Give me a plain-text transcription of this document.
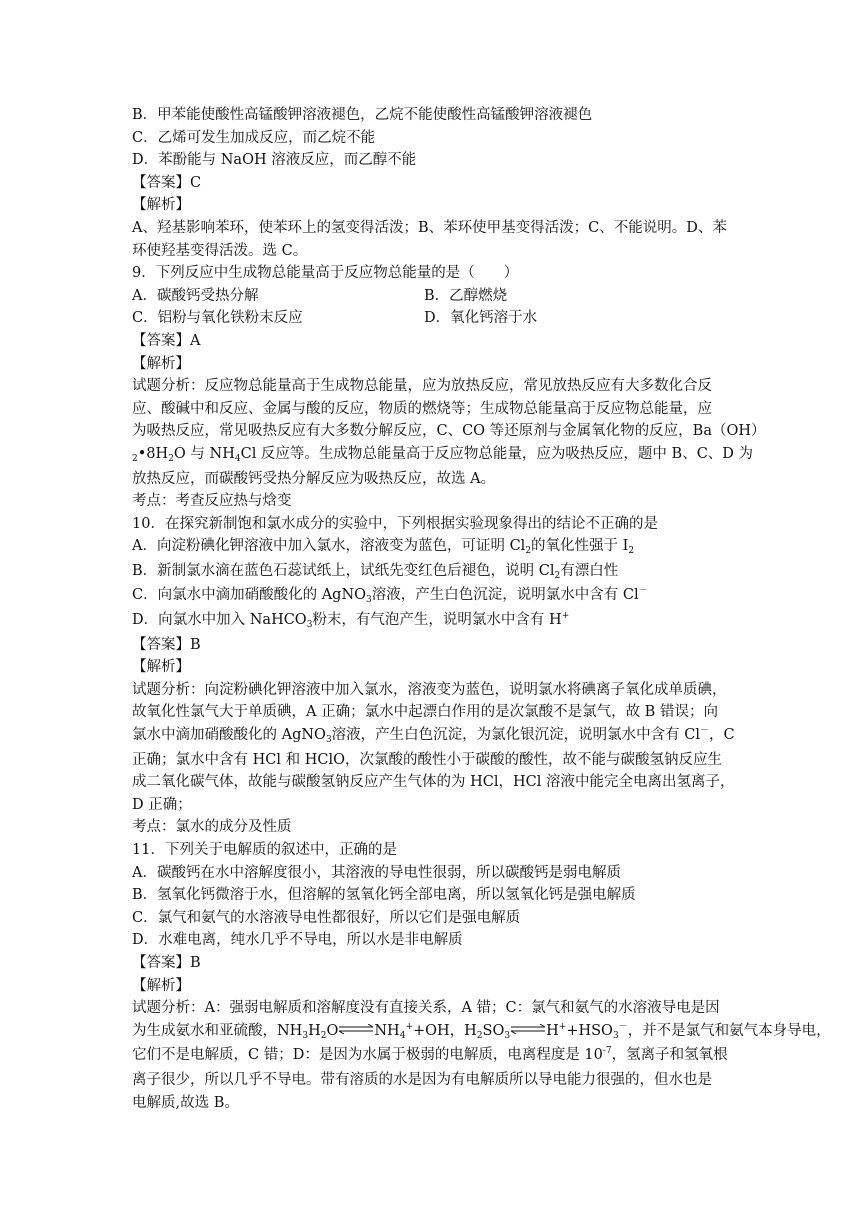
B．甲苯能使酸性高锰酸钾溶液褪色，乙烷不能使酸性高锰酸钾溶液褪色
C．乙烯可发生加成反应，而乙烷不能
D．苯酚能与 NaOH 溶液反应，而乙醇不能
【答案】C
【解析】
A、羟基影响苯环，使苯环上的氢变得活泼；B、苯环使甲基变得活泼；C、不能说明。D、苯
环使羟基变得活泼。选 C。
9．下列反应中生成物总能量高于反应物总能量的是（　　）
A．碳酸钙受热分解	B．乙醇燃烧
C．铝粉与氧化铁粉末反应	D．氧化钙溶于水
【答案】A
【解析】
试题分析：反应物总能量高于生成物总能量，应为放热反应，常见放热反应有大多数化合反
应、酸碱中和反应、金属与酸的反应，物质的燃烧等；生成物总能量高于反应物总能量，应
为吸热反应，常见吸热反应有大多数分解反应，C、CO 等还原剂与金属氧化物的反应，Ba（OH）
$_2•8H_2O$ 与 $NH_4Cl$ 反应等。生成物总能量高于反应物总能量，应为吸热反应，题中 B、C、D 为
放热反应，而碳酸钙受热分解反应为吸热反应，故选 A。
考点：考查反应热与焓变
10．在探究新制饱和氯水成分的实验中，下列根据实验现象得出的结论不正确的是
A．向淀粉碘化钾溶液中加入氯水，溶液变为蓝色，可证明 $Cl_2$的氧化性强于 $I_2$
B．新制氯水滴在蓝色石蕊试纸上，试纸先变红色后褪色，说明 $Cl_2$有漂白性
C．向氯水中滴加硝酸酸化的 AgNO$_3$溶液，产生白色沉淀，说明氯水中含有 Cl－
D．向氯水中加入 NaHCO$_3$粉末，有气泡产生，说明氯水中含有 H+
【答案】B
【解析】
试题分析：向淀粉碘化钾溶液中加入氯水，溶液变为蓝色，说明氯水将碘离子氧化成单质碘，
故氧化性氯气大于单质碘，A 正确；氯水中起漂白作用的是次氯酸不是氯气，故 B 错误；向
氯水中滴加硝酸酸化的 AgNO$_3$溶液，产生白色沉淀，为氯化银沉淀，说明氯水中含有 Cl－，C
正确；氯水中含有 HCl 和 HClO，次氯酸的酸性小于碳酸的酸性，故不能与碳酸氢钠反应生
成二氧化碳气体，故能与碳酸氢钠反应产生气体的为 HCl，HCl 溶液中能完全电离出氢离子，
D 正确；
考点：氯水的成分及性质
11．下列关于电解质的叙述中，正确的是
A．碳酸钙在水中溶解度很小，其溶液的导电性很弱，所以碳酸钙是弱电解质
B．氢氧化钙微溶于水，但溶解的氢氧化钙全部电离，所以氢氧化钙是强电解质
C．氯气和氨气的水溶液导电性都很好，所以它们是强电解质
D．水难电离，纯水几乎不导电，所以水是非电解质
【答案】B
【解析】
试题分析：A：强弱电解质和溶解度没有直接关系，A 错；C：氯气和氨气的水溶液导电是因
为生成氨水和亚硫酸，$NH_3H_2O\rightleftharpoons NH_4^++OH$，$H_2SO_3$ $\rightleftharpoons H^++HSO_3^-$，并不是氯气和氨气本身导电，
它们不是电解质，C 错；D：是因为水属于极弱的电解质，电离程度是 $10^{-7}$，氢离子和氢氧根
离子很少，所以几乎不导电。带有溶质的水是因为有电解质所以导电能力很强的，但水也是
电解质,故选 B。
